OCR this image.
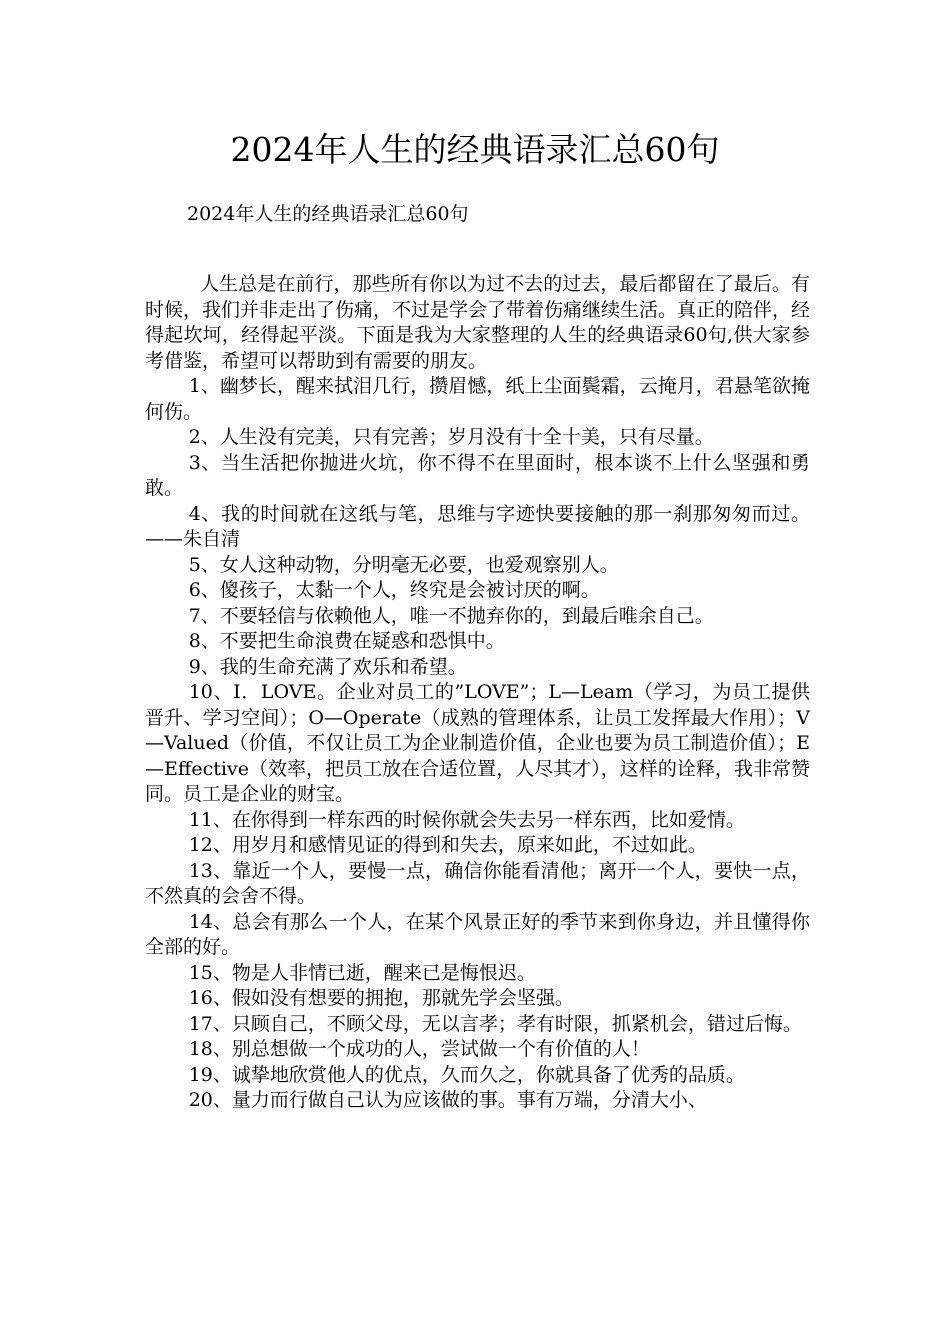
2024年人生的经典语录汇总60句
2024年人生的经典语录汇总60句

人生总是在前行，那些所有你以为过不去的过去，最后都留在了最后。有时候，我们并非走出了伤痛，不过是学会了带着伤痛继续生活。真正的陪伴，经得起坎坷，经得起平淡。下面是我为大家整理的人生的经典语录60句,供大家参考借鉴，希望可以帮助到有需要的朋友。

1、幽梦长，醒来拭泪几行，攒眉憾，纸上尘面鬓霜，云掩月，君悬笔欲掩何伤。

2、人生没有完美，只有完善；岁月没有十全十美，只有尽量。

3、当生活把你抛进火坑，你不得不在里面时，根本谈不上什么坚强和勇敢。

4、我的时间就在这纸与笔，思维与字迹快要接触的那一刹那匆匆而过。——朱自清

5、女人这种动物，分明毫无必要，也爱观察别人。

6、傻孩子，太黏一个人，终究是会被讨厌的啊。

7、不要轻信与依赖他人，唯一不抛弃你的，到最后唯余自己。

8、不要把生命浪费在疑惑和恐惧中。

9、我的生命充满了欢乐和希望。

10、I．LOVE。企业对员工的”LOVE”；L—Leam（学习，为员工提供晋升、学习空间）；O—Operate（成熟的管理体系，让员工发挥最大作用）；V—Valued（价值，不仅让员工为企业制造价值，企业也要为员工制造价值）；E—Effective（效率，把员工放在合适位置，人尽其才），这样的诠释，我非常赞同。员工是企业的财宝。

11、在你得到一样东西的时候你就会失去另一样东西，比如爱情。

12、用岁月和感情见证的得到和失去，原来如此，不过如此。

13、靠近一个人，要慢一点，确信你能看清他；离开一个人，要快一点，不然真的会舍不得。

14、总会有那么一个人，在某个风景正好的季节来到你身边，并且懂得你全部的好。

15、物是人非情已逝，醒来已是悔恨迟。

16、假如没有想要的拥抱，那就先学会坚强。

17、只顾自己，不顾父母，无以言孝；孝有时限，抓紧机会，错过后悔。

18、别总想做一个成功的人，尝试做一个有价值的人！

19、诚挚地欣赏他人的优点，久而久之，你就具备了优秀的品质。

20、量力而行做自己认为应该做的事。事有万端，分清大小、
